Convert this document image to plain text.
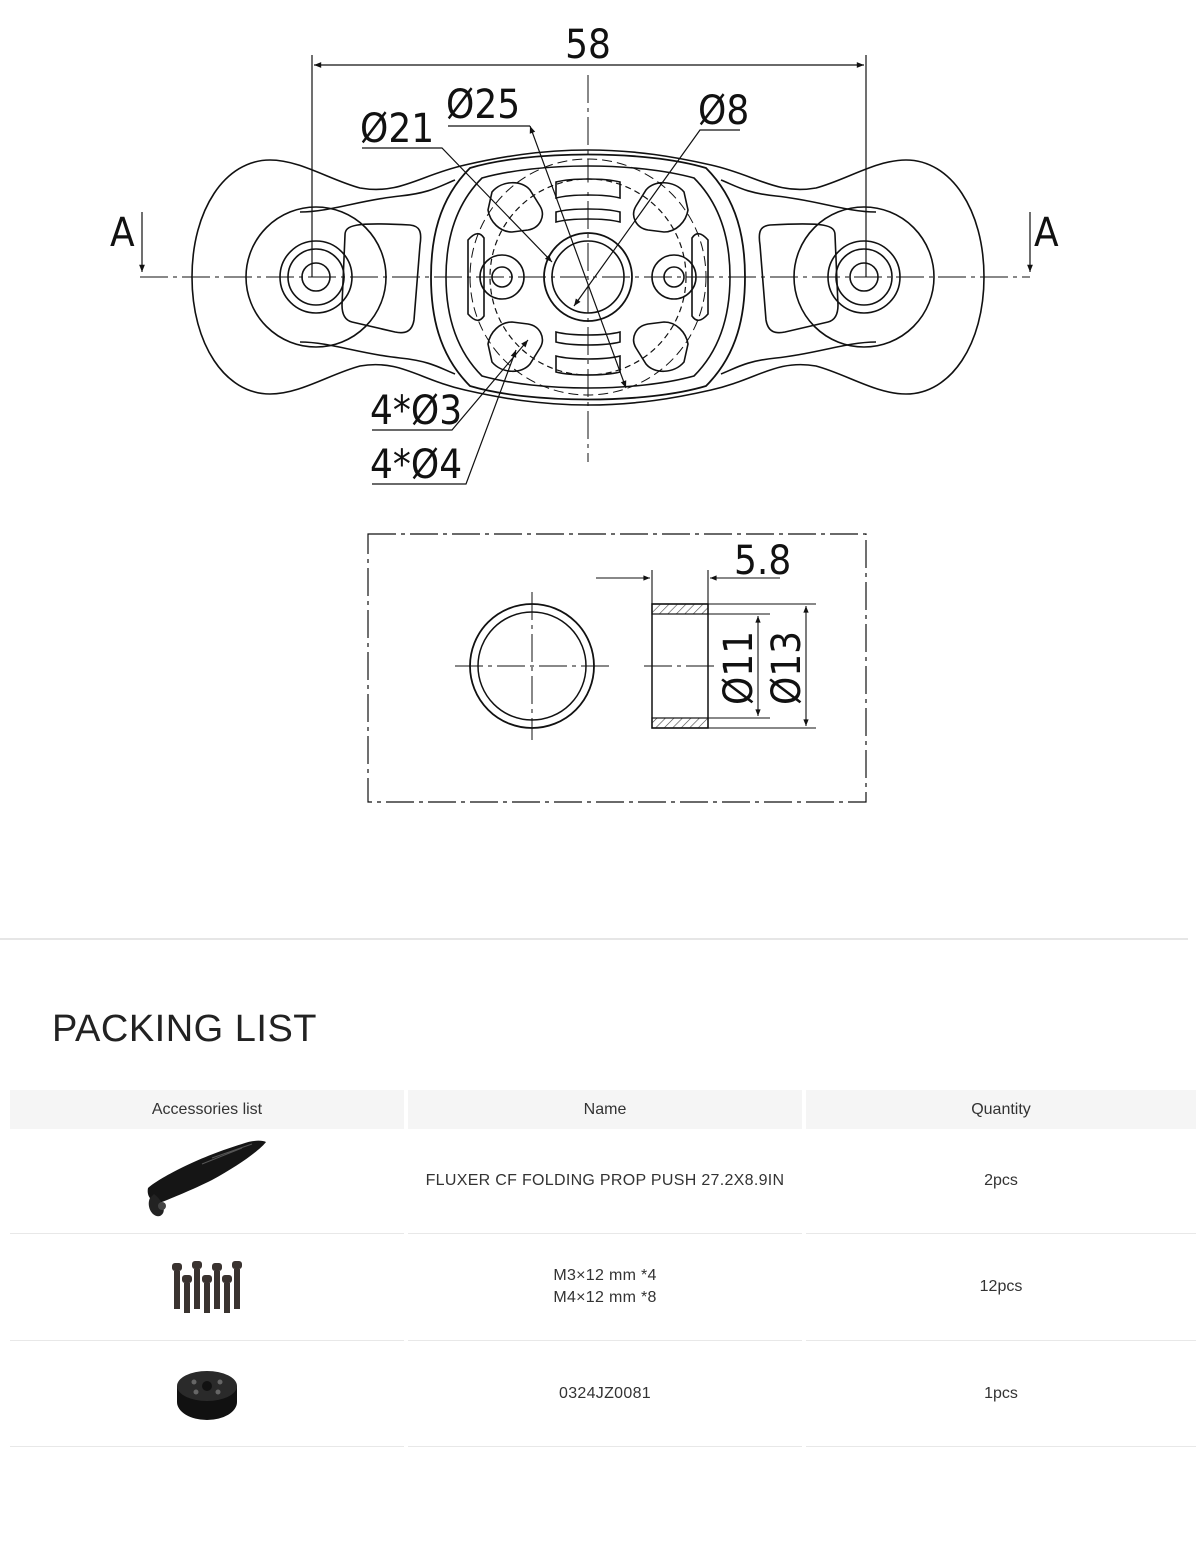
58
A	A
Ø21
Ø25	Ø8
4*Ø3
4*Ø4
5.8
Ø11 Ø13
PACKING LIST
Accessories list	Name	Quantity
	FLUXER CF FOLDING PROP PUSH 27.2X8.9IN	2pcs

M3×12 mm *4
M4×12 mm *8	12pcs
	0324JZ0081	1pcs
